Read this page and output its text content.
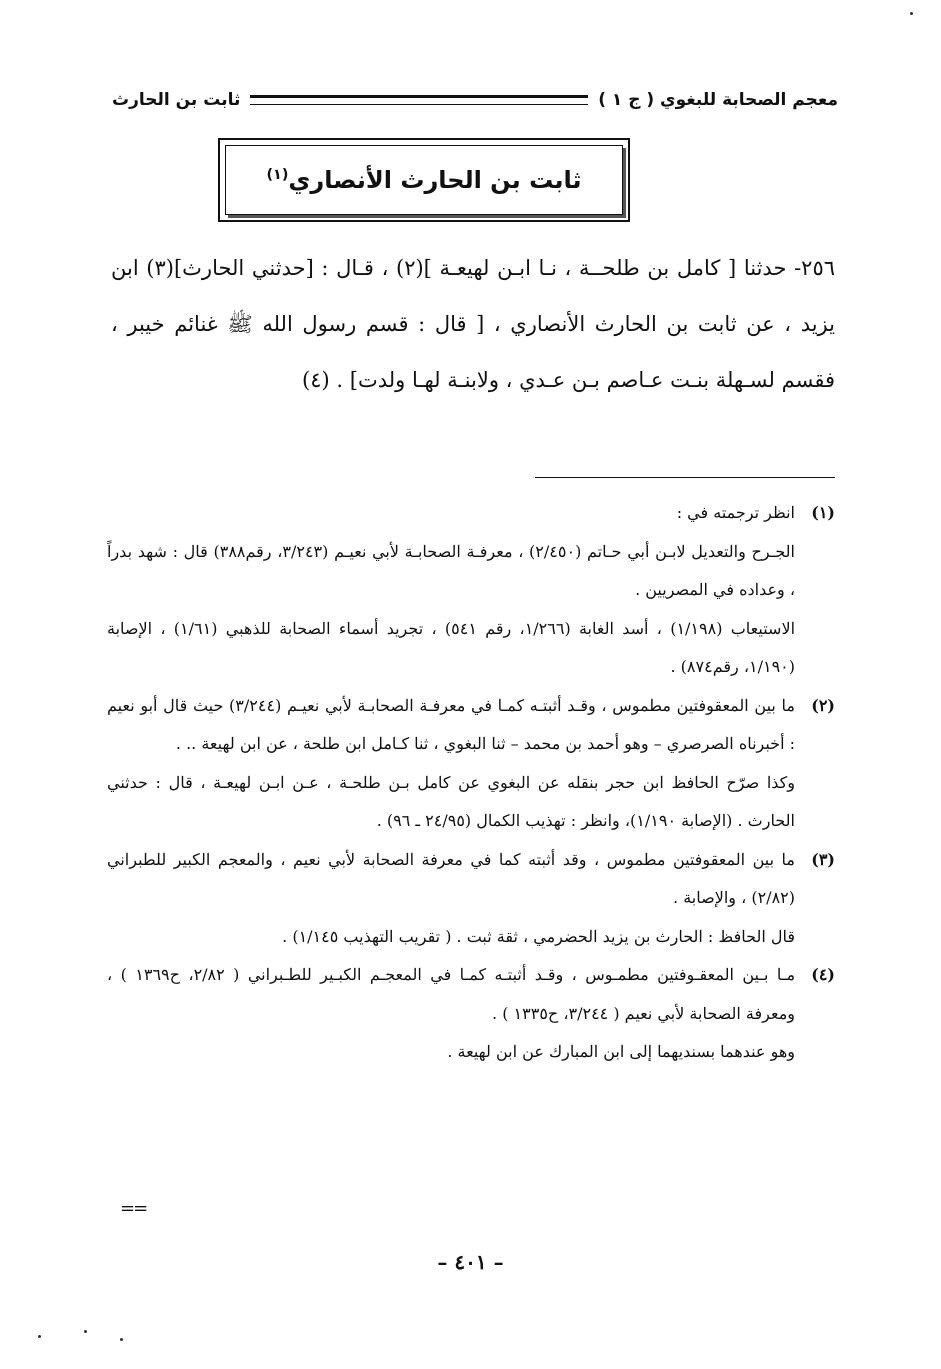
معجم الصحابة للبغوي ( ج ١ )
ثابت بن الحارث
ثابت بن الحارث الأنصاري$^{(١)}$

٢٥٦- حدثنا [ كامل بن طلحــة ، نـا ابـن لهيعـة ](٢) ، قـال : [حدثني الحارث](٣) ابن يزيد ، عن ثابت بن الحارث الأنصاري ، [ قال : قسم رسول الله ﷺ غنائم خيبر ، فقسم لسـهلة بنـت عـاصم بـن عـدي ، ولابنـة لهـا ولدت] . (٤)

(١)

انظر ترجمته في :

الجـرح والتعديل لابـن أبي حـاتم (٢/٤٥٠) ، معرفـة الصحابـة لأبي نعيـم (٣/٢٤٣، رقم٣٨٨) قال : شهد بدراً ، وعداده في المصريين .

الاستيعاب (١/١٩٨) ، أسد الغابة (١/٢٦٦، رقم ٥٤١) ، تجريد أسماء الصحابة للذهبي (١/٦١) ، الإصابة (١/١٩٠، رقم٨٧٤) .

(٢)

ما بين المعقوفتين مطموس ، وقـد أثبتـه كمـا في معرفـة الصحابـة لأبي نعيـم (٣/٢٤٤) حيث قال أبو نعيم : أخبرناه الصرصري – وهو أحمد بن محمد – ثنا البغوي ، ثنا كـامل ابن طلحة ، عن ابن لهيعة .. .

وكذا صرّح الحافظ ابن حجر بنقله عن البغوي عن كامل بـن طلحـة ، عـن ابـن لهيعـة ، قال : حدثني الحارث . (الإصابة ١/١٩٠)، وانظر : تهذيب الكمال (٢٤/٩٥ ـ ٩٦) .

(٣)

ما بين المعقوفتين مطموس ، وقد أثبته كما في معرفة الصحابة لأبي نعيم ، والمعجم الكبير للطبراني (٢/٨٢) ، والإصابة .

قال الحافظ : الحارث بن يزيد الحضرمي ، ثقة ثبت . ( تقريب التهذيب ١/١٤٥) .

(٤)

مـا بـين المعقـوفتين مطمـوس ، وقـد أثبتـه كمـا في المعجـم الكبـير للطـبراني ( ٢/٨٢، ح١٣٦٩ ) ، ومعرفة الصحابة لأبي نعيم ( ٣/٢٤٤، ح١٣٣٥ ) .

وهو عندهما بسنديهما إلى ابن المبارك عن ابن لهيعة .

==
– ٤٠١ –
